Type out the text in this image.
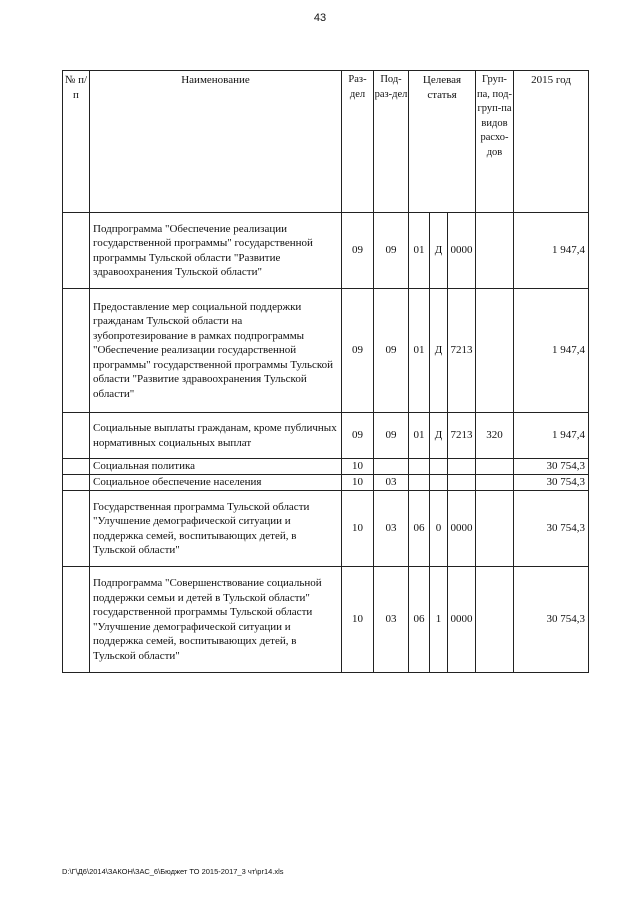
43
№ п/п	Наименование	Раз-дел	Под-раз-дел	Целевая статья			Груп-па, под-груп-па видов расхо-дов	2015 год
	Подпрограмма "Обеспечение реализации государственной программы" государственной программы Тульской области "Развитие здравоохранения Тульской области"	09	09	01	Д	0000		1 947,4
	Предоставление мер социальной поддержки гражданам Тульской области на зубопротезирование в рамках подпрограммы "Обеспечение реализации государственной программы" государственной программы Тульской области "Развитие здравоохранения Тульской области"	09	09	01	Д	7213		1 947,4
	Социальные выплаты гражданам, кроме публичных нормативных социальных выплат	09	09	01	Д	7213	320	1 947,4
	Социальная политика	10						30 754,3
	Социальное обеспечение населения	10	03					30 754,3
	Государственная программа Тульской области "Улучшение демографической ситуации и поддержка семей, воспитывающих детей, в Тульской области"	10	03	06	0	0000		30 754,3
	Подпрограмма "Совершенствование социальной поддержки семьи и детей в Тульской области" государственной программы Тульской области "Улучшение демографической ситуации и поддержка семей, воспитывающих детей, в Тульской области"	10	03	06	1	0000		30 754,3
D:\Г\Д6\2014\ЗАКОН\ЗАС_6\Бюджет ТО 2015-2017_3 чт\pr14.xls
